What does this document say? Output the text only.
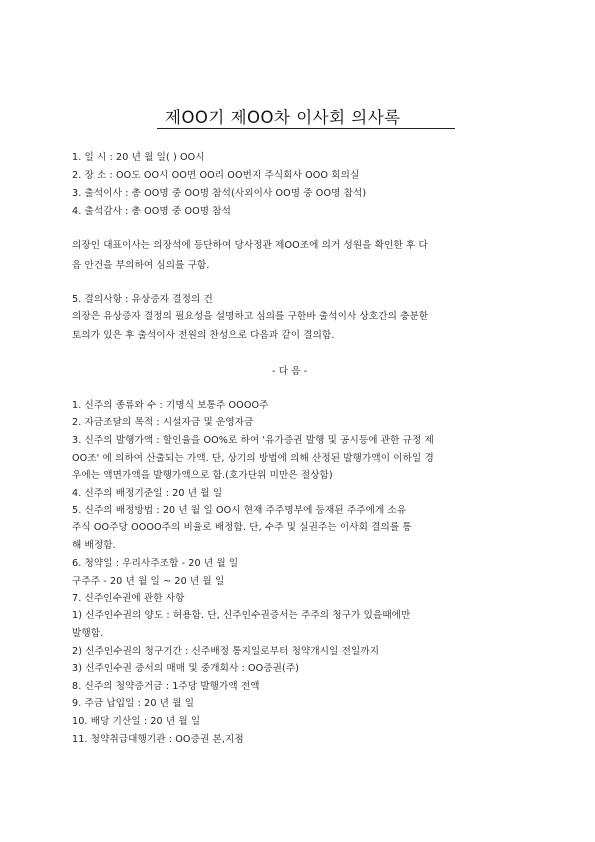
제OO기 제OO차 이사회 의사록
1. 일 시 : 20 년 월 일( ) OO시
2. 장 소 : OO도 OO시 OO면 OO리 OO번지 주식회사 OOO 회의실
3. 출석이사 : 총 OO명 중 OO명 참석(사외이사 OO명 중 OO명 참석)
4. 출석감사 : 총 OO명 중 OO명 참석
의장인 대표이사는 의장석에 등단하여 당사정관 제OO조에 의거 성원을 확인한 후 다
음 안건을 부의하여 심의를 구함.
5. 결의사항 : 유상증자 결정의 건
의장은 유상증자 결정의 필요성을 설명하고 심의를 구한바 출석이사 상호간의 충분한
토의가 있은 후 출석이사 전원의 찬성으로 다음과 같이 결의함.
- 다 음 -
1. 신주의 종류와 수 : 기명식 보통주 OOOO주
2. 자금조달의 목적 : 시설자금 및 운영자금
3. 신주의 발행가액 : 할인율을 OO%로 하여 '유가증권 발행 및 공시등에 관한 규정 제
OO조' 에 의하여 산출되는 가액. 단, 상기의 방법에 의해 산정된 발행가액이 이하일 경
우에는 액면가액을 발행가액으로 함.(호가단위 미만은 절상함)
4. 신주의 배정기준일 : 20 년 월 일
5. 신주의 배정방법 : 20 년 월 일 OO시 현재 주주명부에 등재된 주주에게 소유
주식 OO주당 OOOO주의 비율로 배정함. 단, 수주 및 실권주는 이사회 결의를 통
해 배정함.
6. 청약일 : 우리사주조합 - 20 년 월 일
구주주 - 20 년 월 일 ~ 20 년 월 일
7. 신주인수권에 관한 사항
1) 신주인수권의 양도 : 허용함. 단, 신주인수권증서는 주주의 청구가 있을때에만
발행함.
2) 신주인수권의 청구기간 : 신주배정 통지일로부터 청약개시일 전일까지
3) 신주인수권 증서의 매매 및 중개회사 : OO증권(주)
8. 신주의 청약증거금 : 1주당 발행가액 전액
9. 주금 납입일 : 20 년 월 일
10. 배당 기산일 : 20 년 월 일
11. 청약취급대행기관 : OO증권 본,지점
